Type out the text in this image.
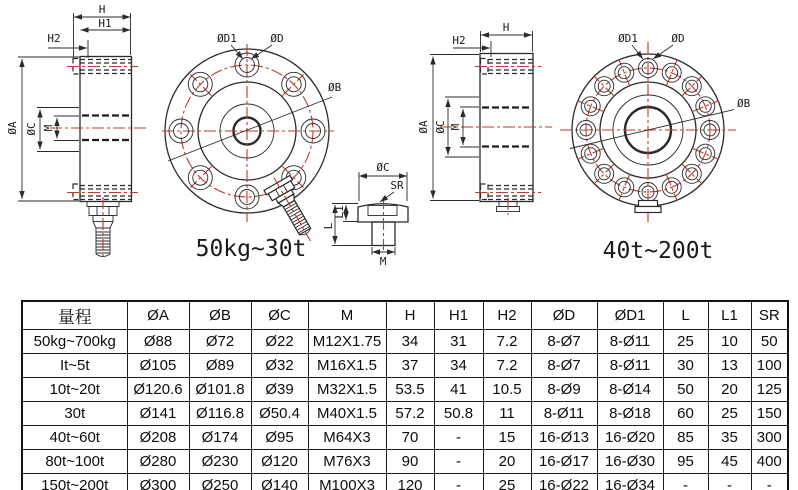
H
H1
H2
ØA ØC M
ØB
ØD1	ØD
50kg~30t
ØC
SR
L1
L
M
H
H2
ØA ØC M
ØB
ØD1	ØD
40t~200t
量程	ØA	ØB	ØC	M	H	H1	H2	ØD	ØD1	L	L1	SR
50kg~700kg	Ø88	Ø72	Ø22	M12X1.75	34	31	7.2	8-Ø7	8-Ø11	25	10	50
It~5t	Ø105	Ø89	Ø32	M16X1.5	37	34	7.2	8-Ø7	8-Ø11	30	13	100
10t~20t	Ø120.6	Ø101.8	Ø39	M32X1.5	53.5	41	10.5	8-Ø9	8-Ø14	50	20	125
30t	Ø141	Ø116.8	Ø50.4	M40X1.5	57.2	50.8	11	8-Ø11	8-Ø18	60	25	150
40t~60t	Ø208	Ø174	Ø95	M64X3	70	-	15	16-Ø13	16-Ø20	85	35	300
80t~100t	Ø280	Ø230	Ø120	M76X3	90	-	20	16-Ø17	16-Ø30	95	45	400
150t~200t	Ø300	Ø250	Ø140	M100X3	120	-	25	16-Ø22	16-Ø34	-	-	-
